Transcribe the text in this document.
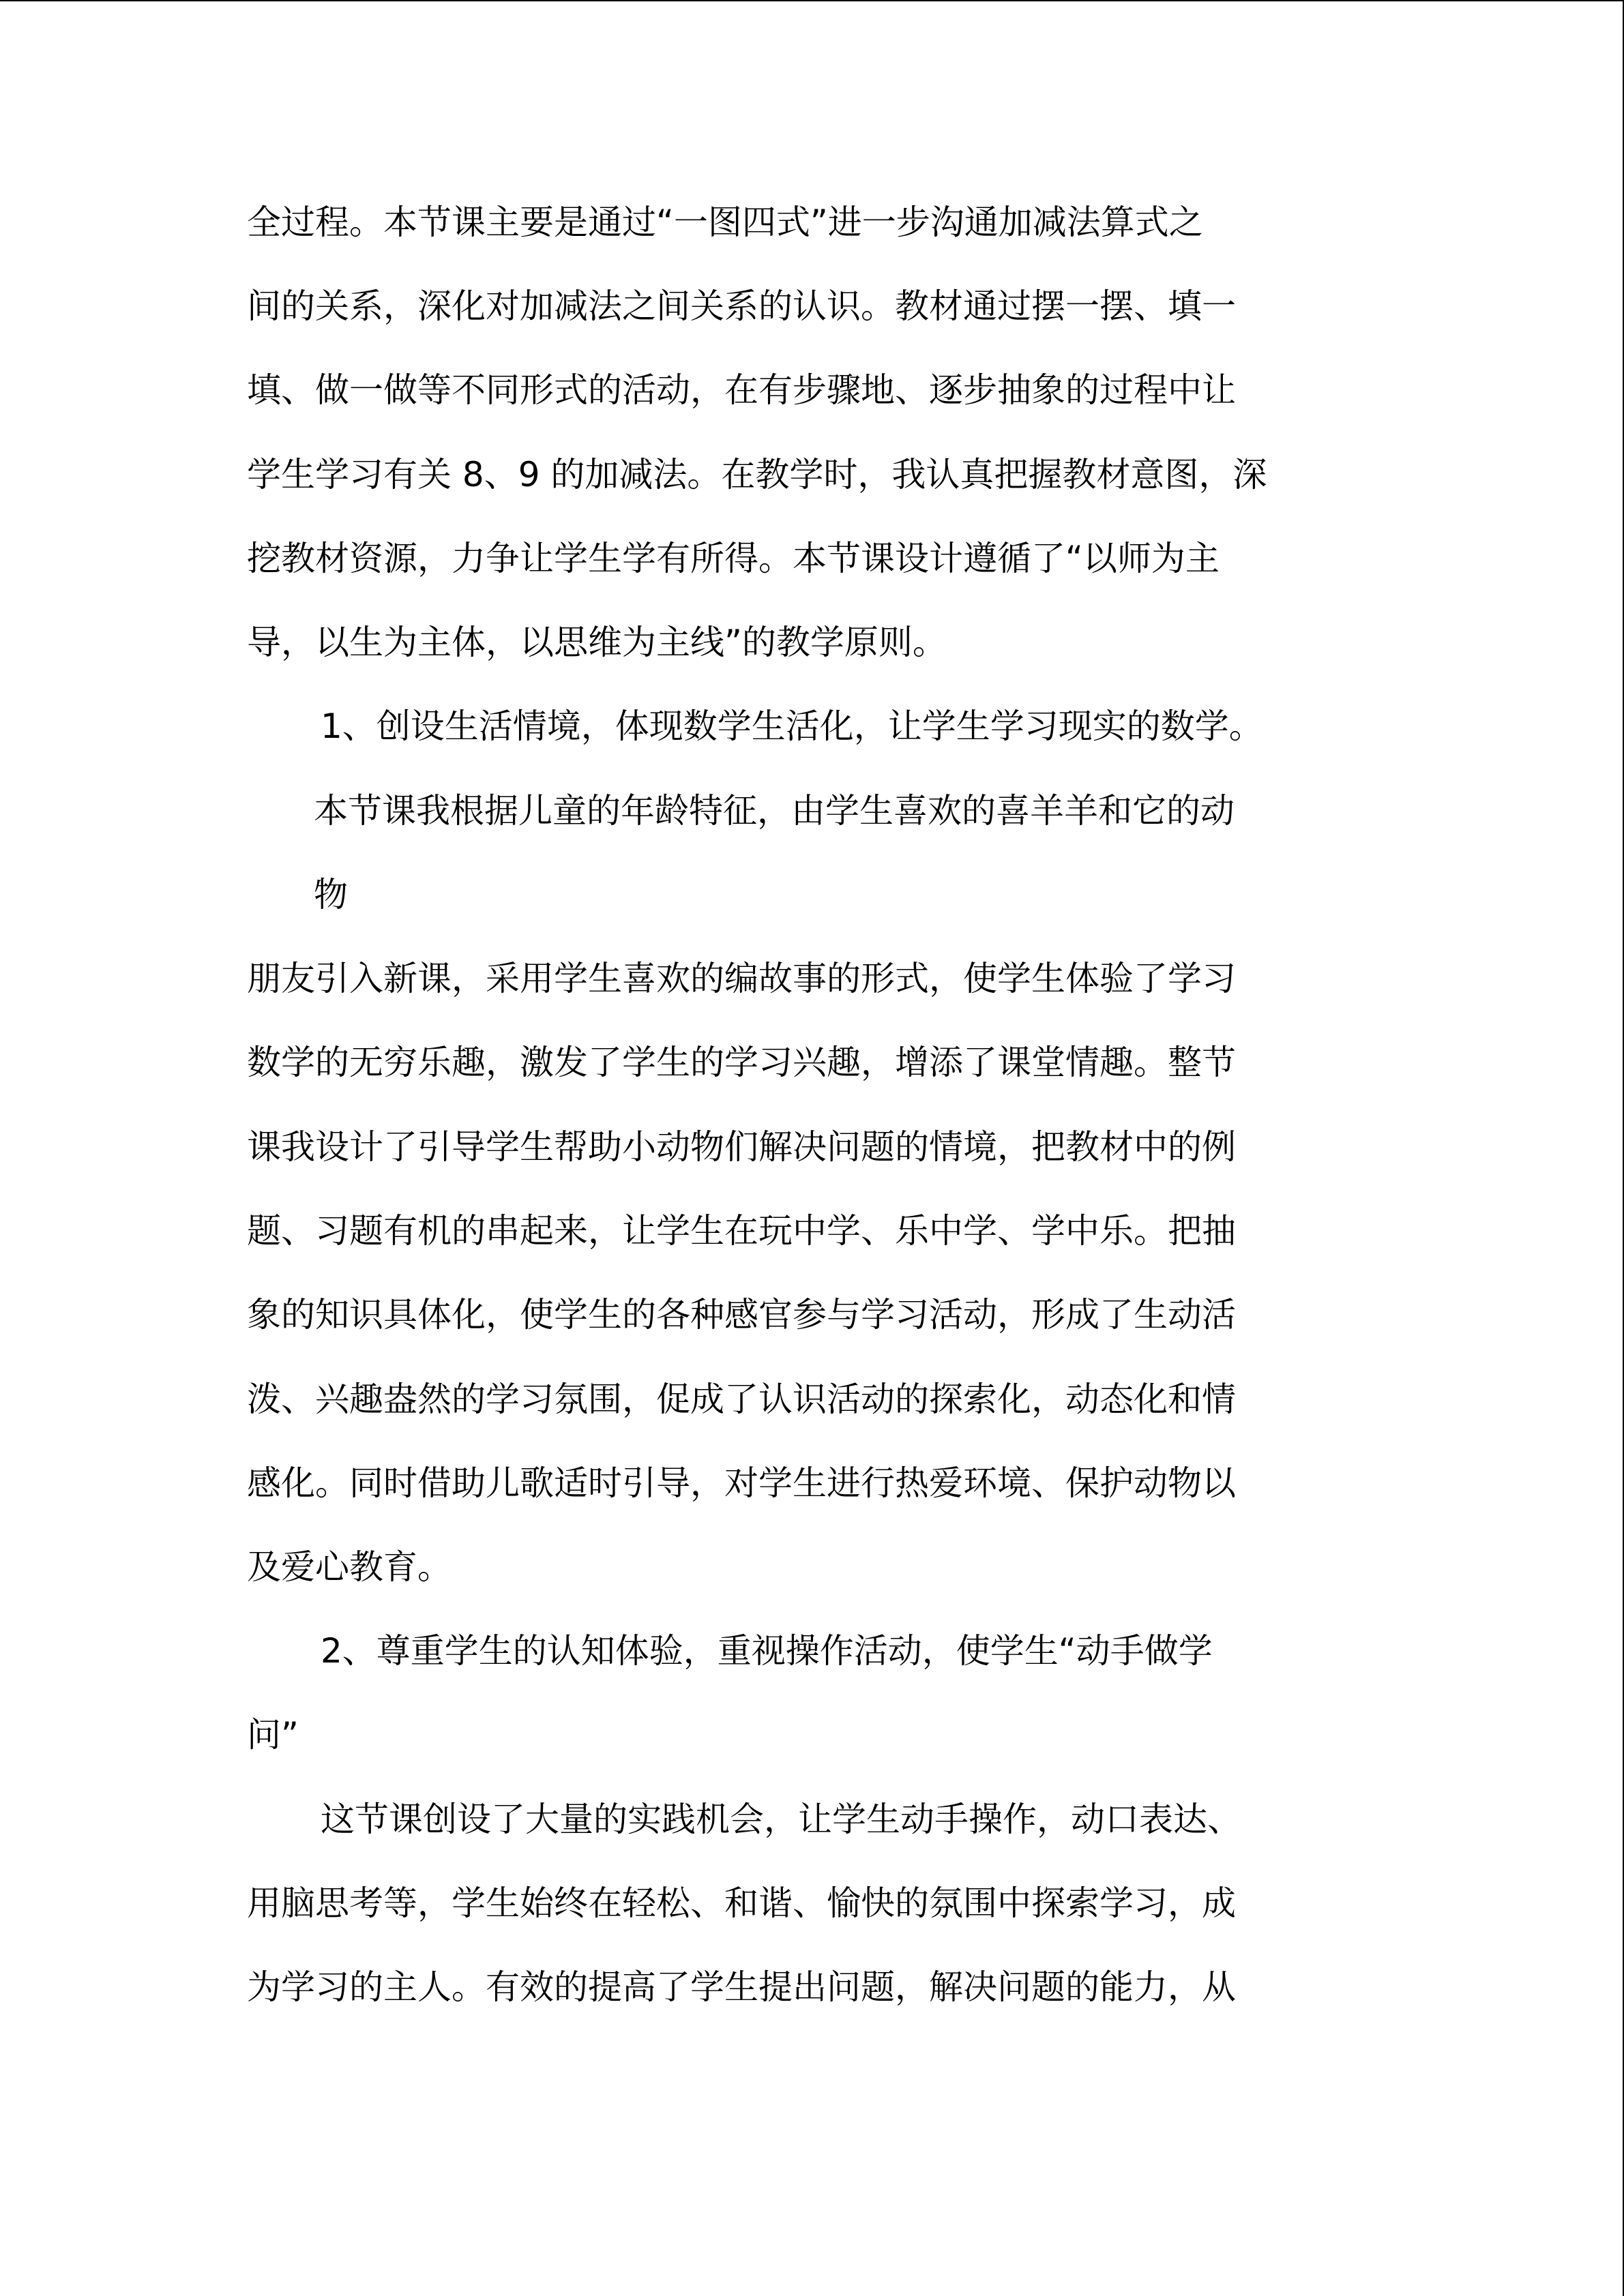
全过程。本节课主要是通过“一图四式”进一步沟通加减法算式之
间的关系，深化对加减法之间关系的认识。教材通过摆一摆、填一
填、做一做等不同形式的活动，在有步骤地、逐步抽象的过程中让
学生学习有关 8、9 的加减法。在教学时，我认真把握教材意图，深
挖教材资源，力争让学生学有所得。本节课设计遵循了“以师为主
导，以生为主体，以思维为主线”的教学原则。
1、创设生活情境，体现数学生活化，让学生学习现实的数学。
本节课我根据儿童的年龄特征，由学生喜欢的喜羊羊和它的动
物
朋友引入新课，采用学生喜欢的编故事的形式，使学生体验了学习
数学的无穷乐趣，激发了学生的学习兴趣，增添了课堂情趣。整节
课我设计了引导学生帮助小动物们解决问题的情境，把教材中的例
题、习题有机的串起来，让学生在玩中学、乐中学、学中乐。把抽
象的知识具体化，使学生的各种感官参与学习活动，形成了生动活
泼、兴趣盎然的学习氛围，促成了认识活动的探索化，动态化和情
感化。同时借助儿歌适时引导，对学生进行热爱环境、保护动物以
及爱心教育。
2、尊重学生的认知体验，重视操作活动，使学生“动手做学
问”
这节课创设了大量的实践机会，让学生动手操作，动口表达、
用脑思考等，学生始终在轻松、和谐、愉快的氛围中探索学习，成
为学习的主人。有效的提高了学生提出问题，解决问题的能力，从
